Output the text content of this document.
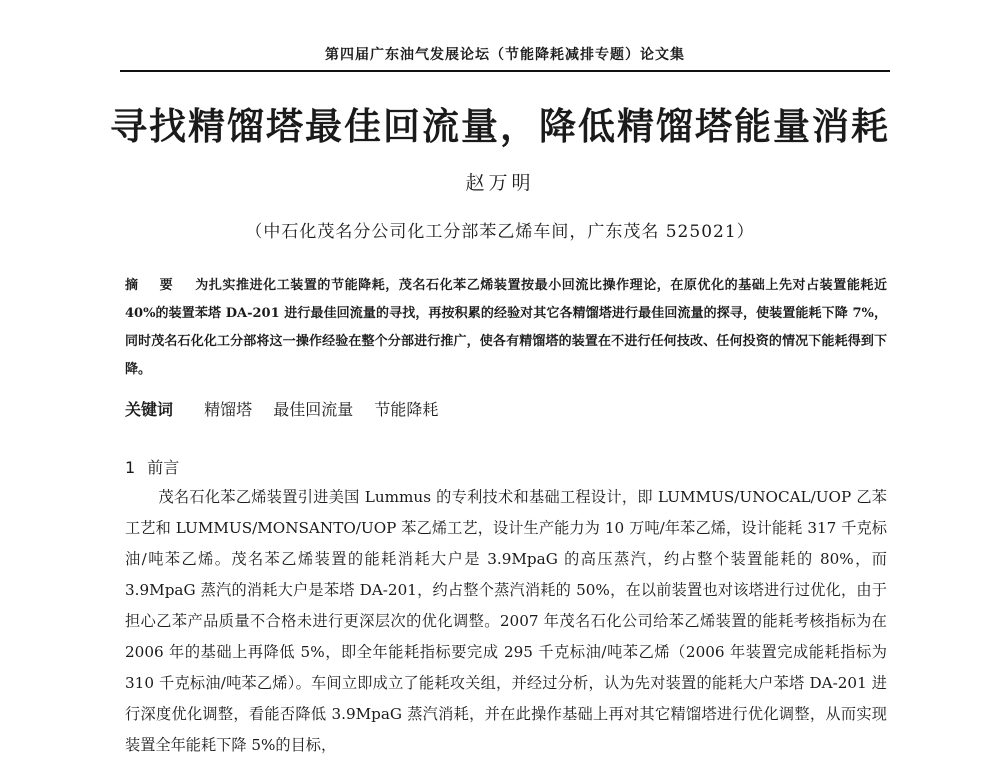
第四届广东油气发展论坛（节能降耗减排专题）论文集
寻找精馏塔最佳回流量，降低精馏塔能量消耗
赵万明
（中石化茂名分公司化工分部苯乙烯车间，广东茂名 525021）
摘 要 为扎实推进化工装置的节能降耗，茂名石化苯乙烯装置按最小回流比操作理论，在原优化的基础上先对占装置能耗近 40%的装置苯塔 DA-201 进行最佳回流量的寻找，再按积累的经验对其它各精馏塔进行最佳回流量的探寻，使装置能耗下降 7%，同时茂名石化化工分部将这一操作经验在整个分部进行推广，使各有精馏塔的装置在不进行任何技改、任何投资的情况下能耗得到下降。
关键词 精馏塔 最佳回流量 节能降耗
1 前言
茂名石化苯乙烯装置引进美国 Lummus 的专利技术和基础工程设计，即 LUMMUS/UNOCAL/UOP 乙苯工艺和 LUMMUS/MONSANTO/UOP 苯乙烯工艺，设计生产能力为 10 万吨/年苯乙烯，设计能耗 317 千克标油/吨苯乙烯。茂名苯乙烯装置的能耗消耗大户是 3.9MpaG 的高压蒸汽，约占整个装置能耗的 80%，而 3.9MpaG 蒸汽的消耗大户是苯塔 DA-201，约占整个蒸汽消耗的 50%，在以前装置也对该塔进行过优化，由于担心乙苯产品质量不合格未进行更深层次的优化调整。2007 年茂名石化公司给苯乙烯装置的能耗考核指标为在 2006 年的基础上再降低 5%，即全年能耗指标要完成 295 千克标油/吨苯乙烯（2006 年装置完成能耗指标为 310 千克标油/吨苯乙烯）。车间立即成立了能耗攻关组，并经过分析，认为先对装置的能耗大户苯塔 DA-201 进行深度优化调整，看能否降低 3.9MpaG 蒸汽消耗，并在此操作基础上再对其它精馏塔进行优化调整，从而实现装置全年能耗下降 5%的目标，
